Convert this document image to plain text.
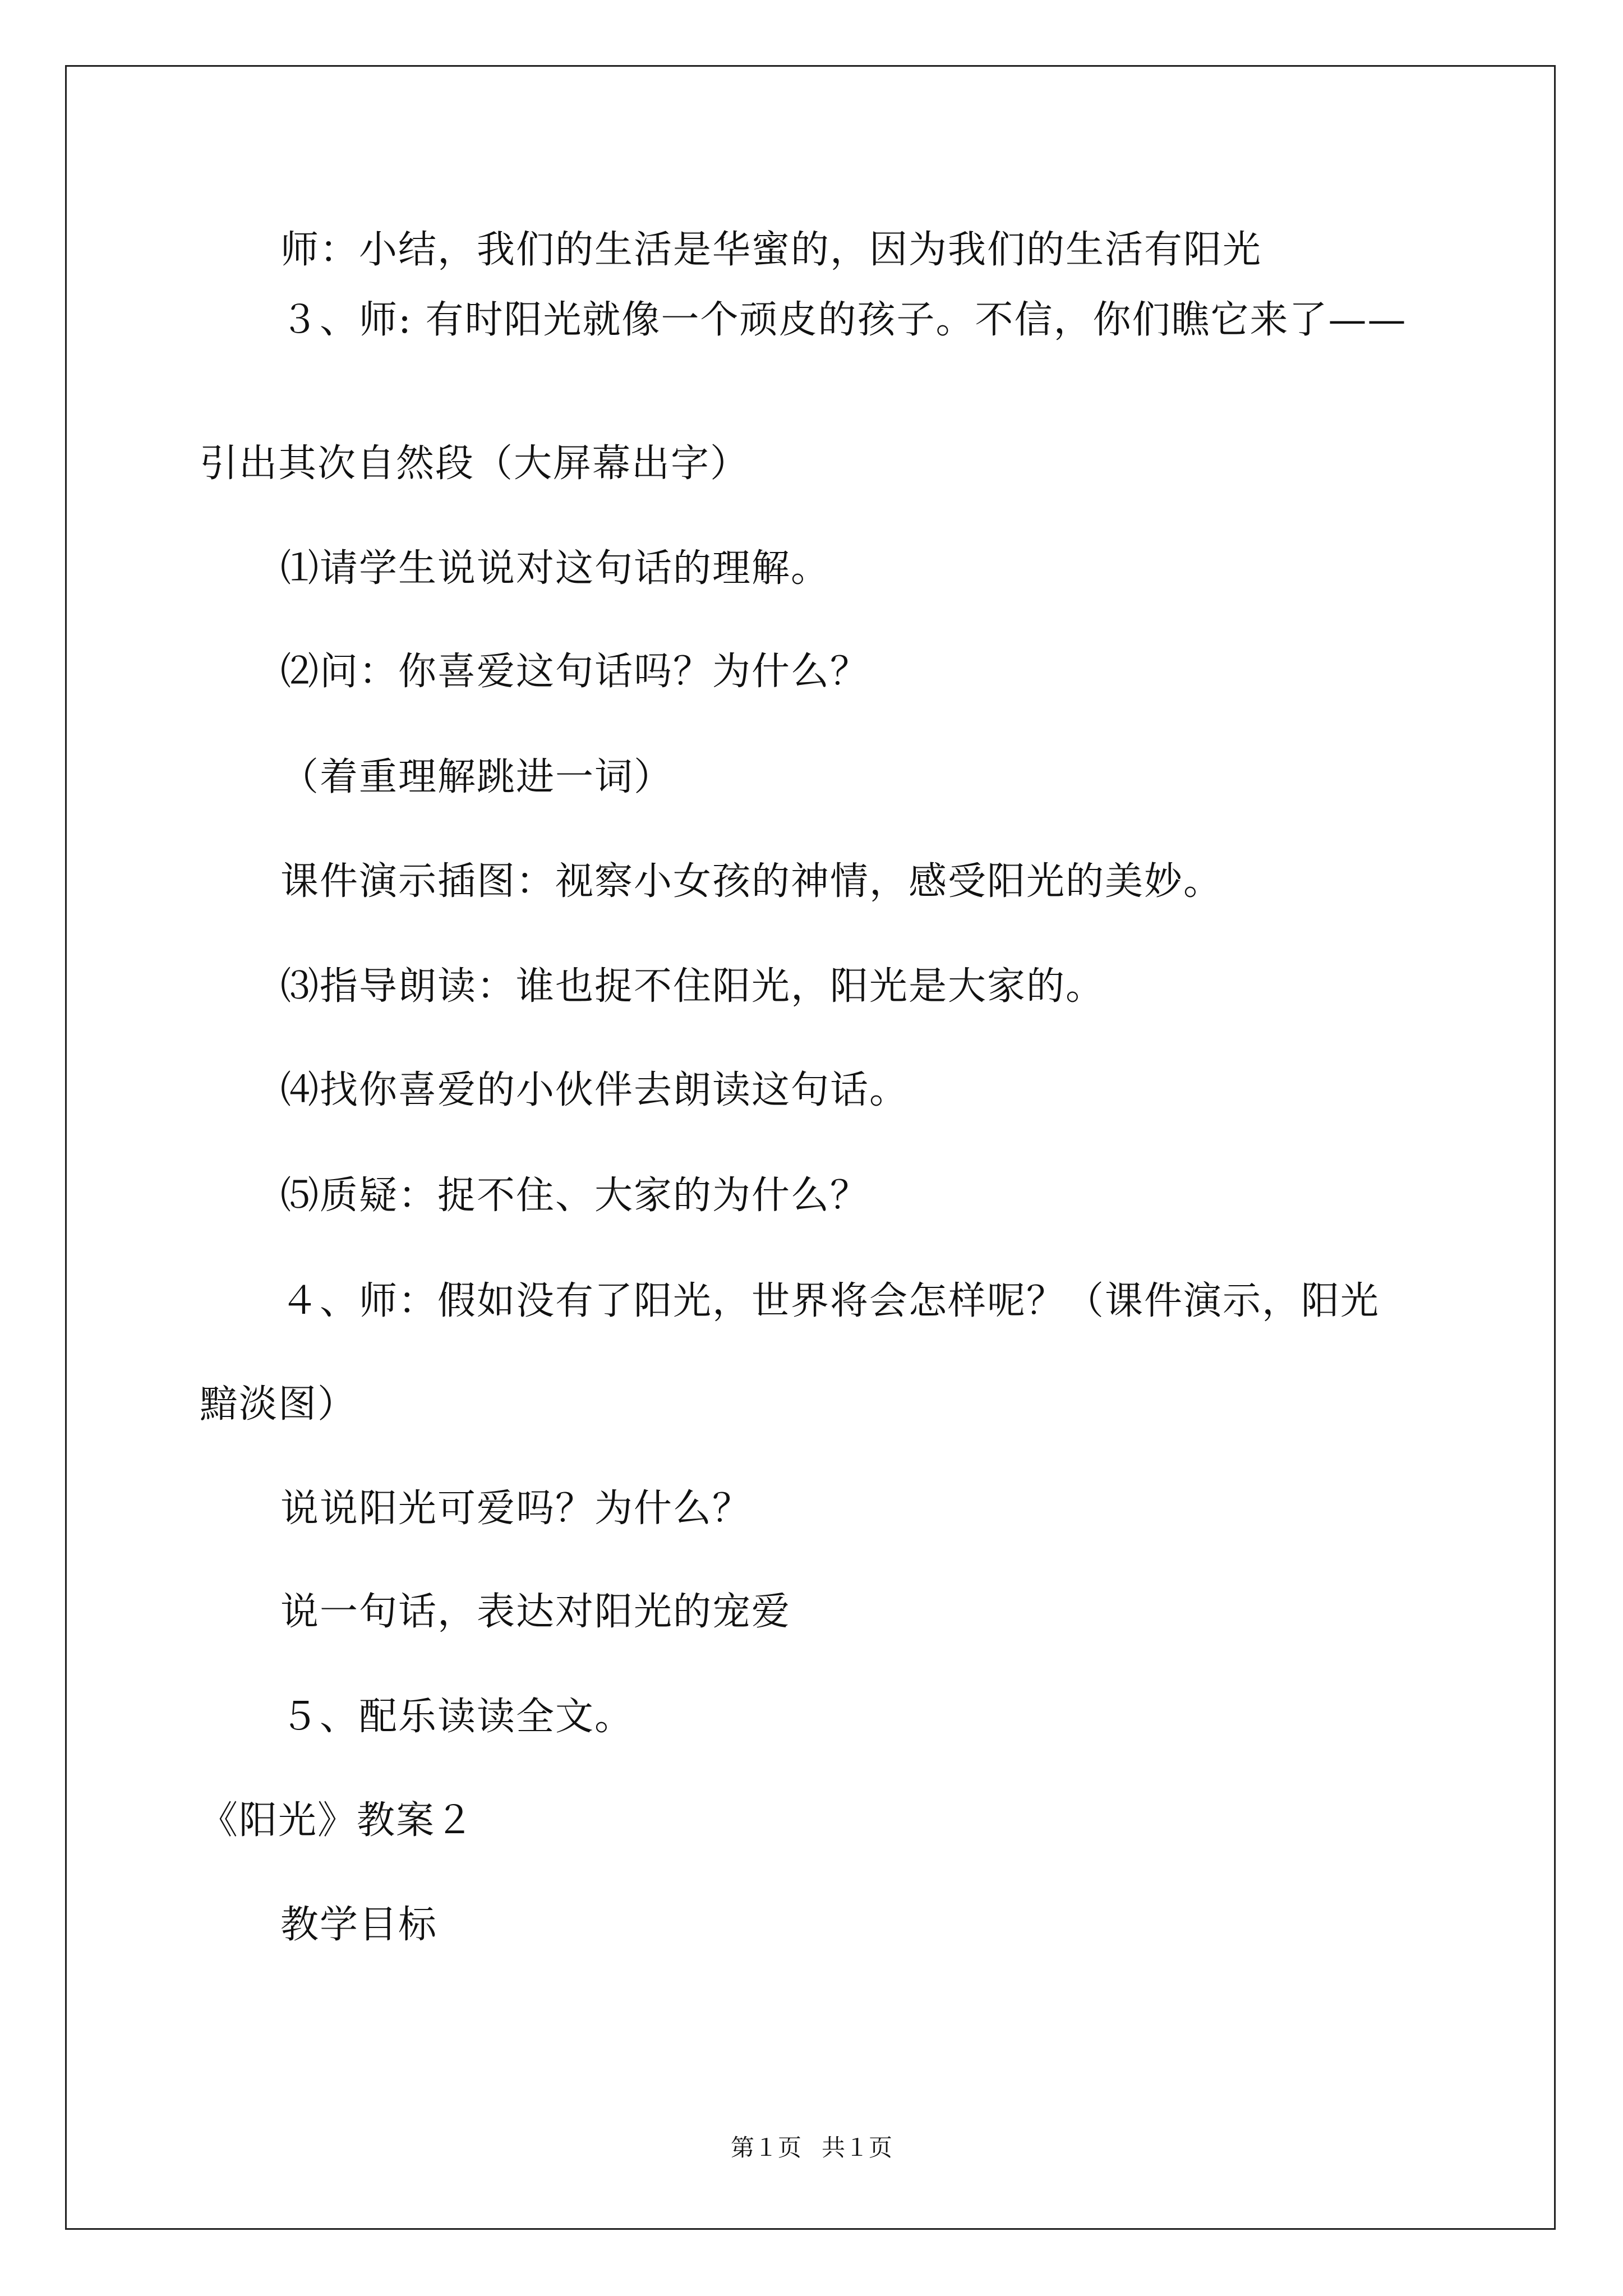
师：小结，我们的生活是华蜜的，因为我们的生活有阳光

３、师: 有时阳光就像一个顽皮的孩子。不信，你们瞧它来了——

引出其次自然段（大屏幕出字）

⑴请学生说说对这句话的理解。

⑵问：你喜爱这句话吗？为什么？

（着重理解跳进一词）

课件演示插图：视察小女孩的神情，感受阳光的美妙。

⑶指导朗读：谁也捉不住阳光，阳光是大家的。

⑷找你喜爱的小伙伴去朗读这句话。

⑸质疑：捉不住、大家的为什么？

４、师：假如没有了阳光，世界将会怎样呢？（课件演示，阳光

黯淡图）

说说阳光可爱吗？为什么？

说一句话，表达对阳光的宠爱

５、配乐读读全文。

《阳光》教案２

教学目标

第１页 共１页
